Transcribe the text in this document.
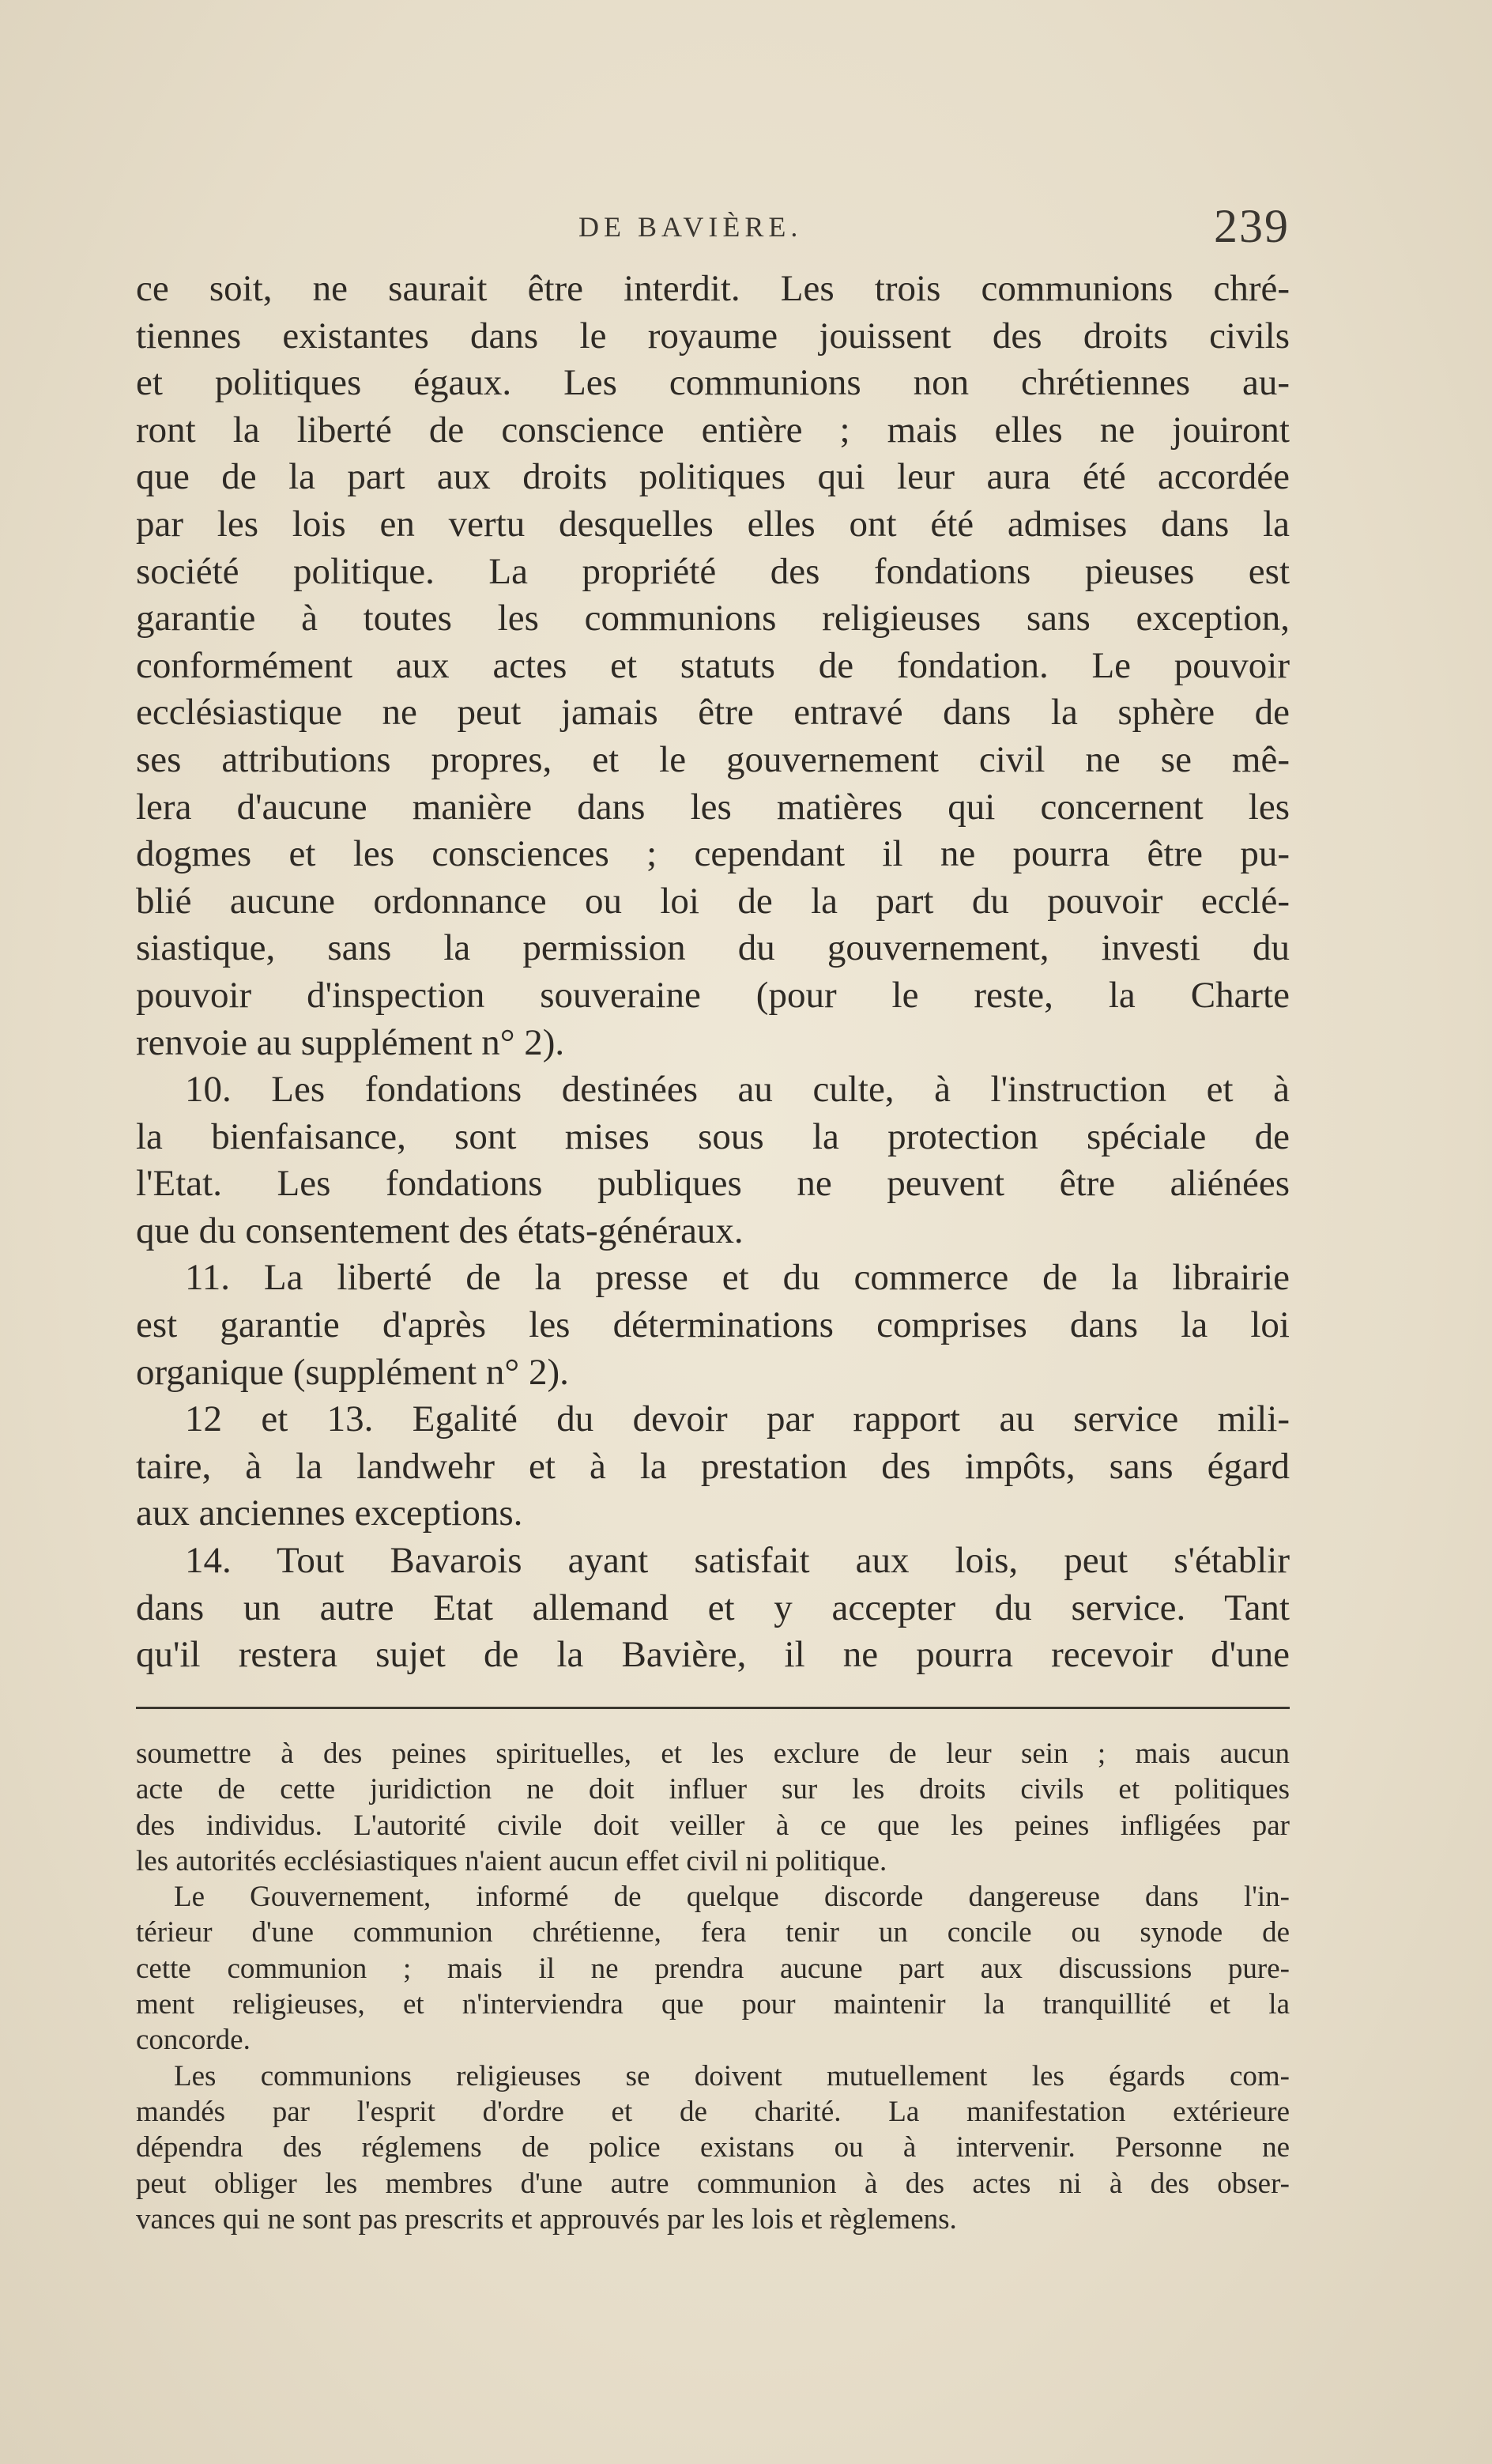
DE BAVIÈRE.	239
ce soit, ne saurait être interdit. Les trois communions chré-
tiennes existantes dans le royaume jouissent des droits civils
et politiques égaux. Les communions non chrétiennes au-
ront la liberté de conscience entière ; mais elles ne jouiront
que de la part aux droits politiques qui leur aura été accordée
par les lois en vertu desquelles elles ont été admises dans la
société politique. La propriété des fondations pieuses est
garantie à toutes les communions religieuses sans exception,
conformément aux actes et statuts de fondation. Le pouvoir
ecclésiastique ne peut jamais être entravé dans la sphère de
ses attributions propres, et le gouvernement civil ne se mê-
lera d'aucune manière dans les matières qui concernent les
dogmes et les consciences ; cependant il ne pourra être pu-
blié aucune ordonnance ou loi de la part du pouvoir ecclé-
siastique, sans la permission du gouvernement, investi du
pouvoir d'inspection souveraine (pour le reste, la Charte
renvoie au supplément n° 2).
10. Les fondations destinées au culte, à l'instruction et à
la bienfaisance, sont mises sous la protection spéciale de
l'Etat. Les fondations publiques ne peuvent être aliénées
que du consentement des états-généraux.
11. La liberté de la presse et du commerce de la librairie
est garantie d'après les déterminations comprises dans la loi
organique (supplément n° 2).
12 et 13. Egalité du devoir par rapport au service mili-
taire, à la landwehr et à la prestation des impôts, sans égard
aux anciennes exceptions.
14. Tout Bavarois ayant satisfait aux lois, peut s'établir
dans un autre Etat allemand et y accepter du service. Tant
qu'il restera sujet de la Bavière, il ne pourra recevoir d'une
soumettre à des peines spirituelles, et les exclure de leur sein ; mais aucun
acte de cette juridiction ne doit influer sur les droits civils et politiques
des individus. L'autorité civile doit veiller à ce que les peines infligées par
les autorités ecclésiastiques n'aient aucun effet civil ni politique.
Le Gouvernement, informé de quelque discorde dangereuse dans l'in-
térieur d'une communion chrétienne, fera tenir un concile ou synode de
cette communion ; mais il ne prendra aucune part aux discussions pure-
ment religieuses, et n'interviendra que pour maintenir la tranquillité et la
concorde.
Les communions religieuses se doivent mutuellement les égards com-
mandés par l'esprit d'ordre et de charité. La manifestation extérieure
dépendra des réglemens de police existans ou à intervenir. Personne ne
peut obliger les membres d'une autre communion à des actes ni à des obser-
vances qui ne sont pas prescrits et approuvés par les lois et règlemens.
